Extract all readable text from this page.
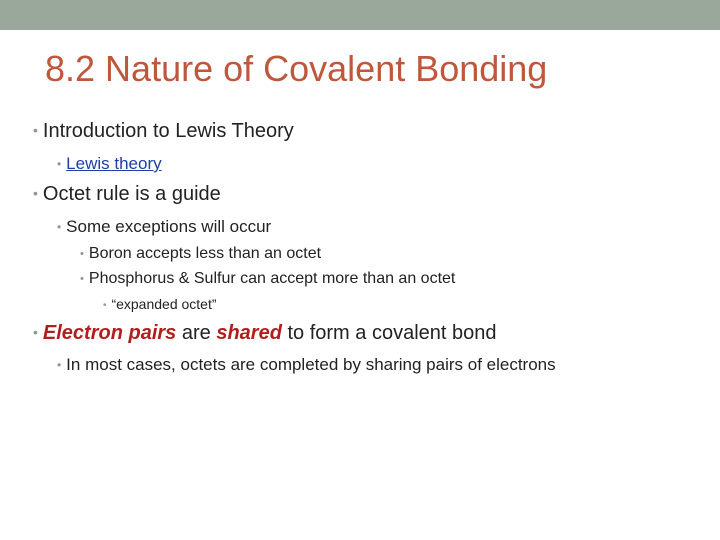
8.2 Nature of Covalent Bonding
• Introduction to Lewis Theory
• Lewis theory
• Octet rule is a guide
• Some exceptions will occur
• Boron accepts less than an octet
• Phosphorus & Sulfur can accept more than an octet
• “expanded octet”
• Electron pairs are shared to form a covalent bond
• In most cases, octets are completed by sharing pairs of electrons
